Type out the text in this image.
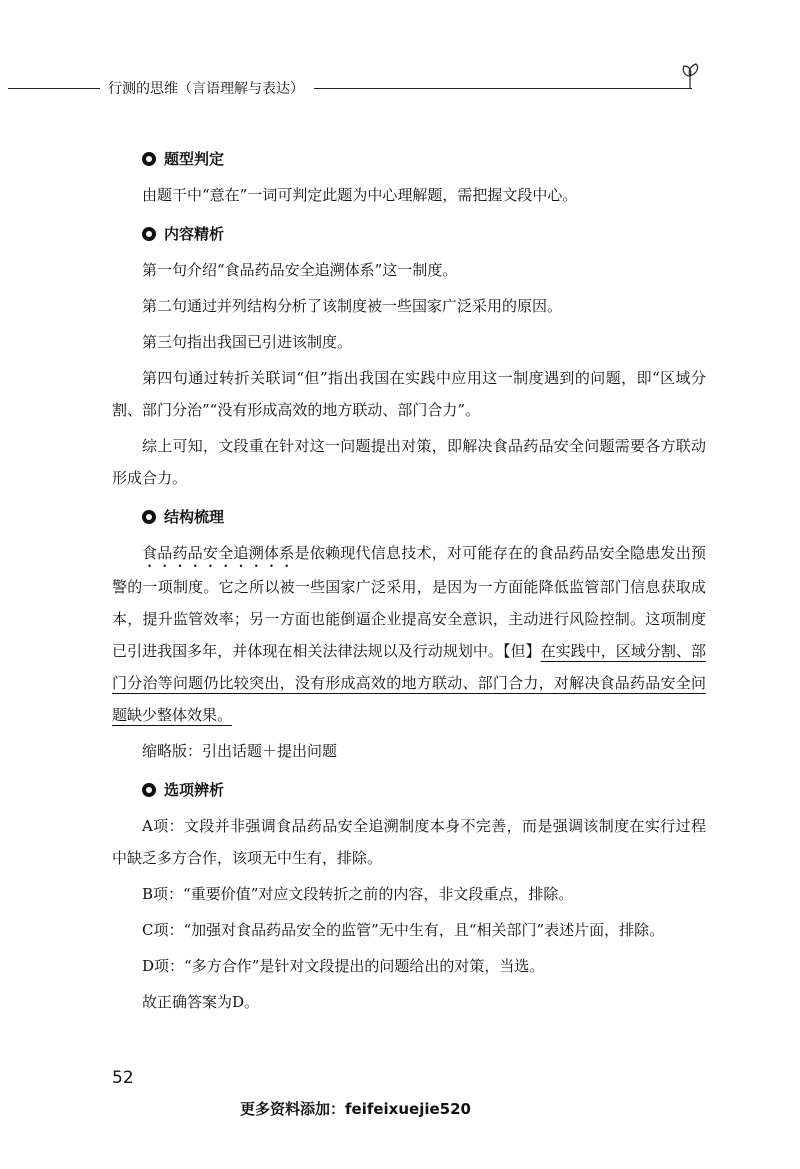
行测的思维（言语理解与表达）
题型判定

由题干中“意在”一词可判定此题为中心理解题，需把握文段中心。

内容精析

第一句介绍“食品药品安全追溯体系”这一制度。

第二句通过并列结构分析了该制度被一些国家广泛采用的原因。

第三句指出我国已引进该制度。

第四句通过转折关联词“但”指出我国在实践中应用这一制度遇到的问题，即“区域分割、部门分治”“没有形成高效的地方联动、部门合力”。

综上可知，文段重在针对这一问题提出对策，即解决食品药品安全问题需要各方联动形成合力。

结构梳理

食品药品安全追溯体系是依赖现代信息技术，对可能存在的食品药品安全隐患发出预警的一项制度。它之所以被一些国家广泛采用，是因为一方面能降低监管部门信息获取成本，提升监管效率；另一方面也能倒逼企业提高安全意识，主动进行风险控制。这项制度已引进我国多年，并体现在相关法律法规以及行动规划中。【但】在实践中，区域分割、部门分治等问题仍比较突出，没有形成高效的地方联动、部门合力，对解决食品药品安全问题缺少整体效果。

缩略版：引出话题＋提出问题

选项辨析

A项：文段并非强调食品药品安全追溯制度本身不完善，而是强调该制度在实行过程中缺乏多方合作，该项无中生有，排除。

B项：“重要价值”对应文段转折之前的内容，非文段重点，排除。

C项：“加强对食品药品安全的监管”无中生有，且“相关部门”表述片面，排除。

D项：“多方合作”是针对文段提出的问题给出的对策，当选。

故正确答案为D。

52
更多资料添加：feifeixuejie520
